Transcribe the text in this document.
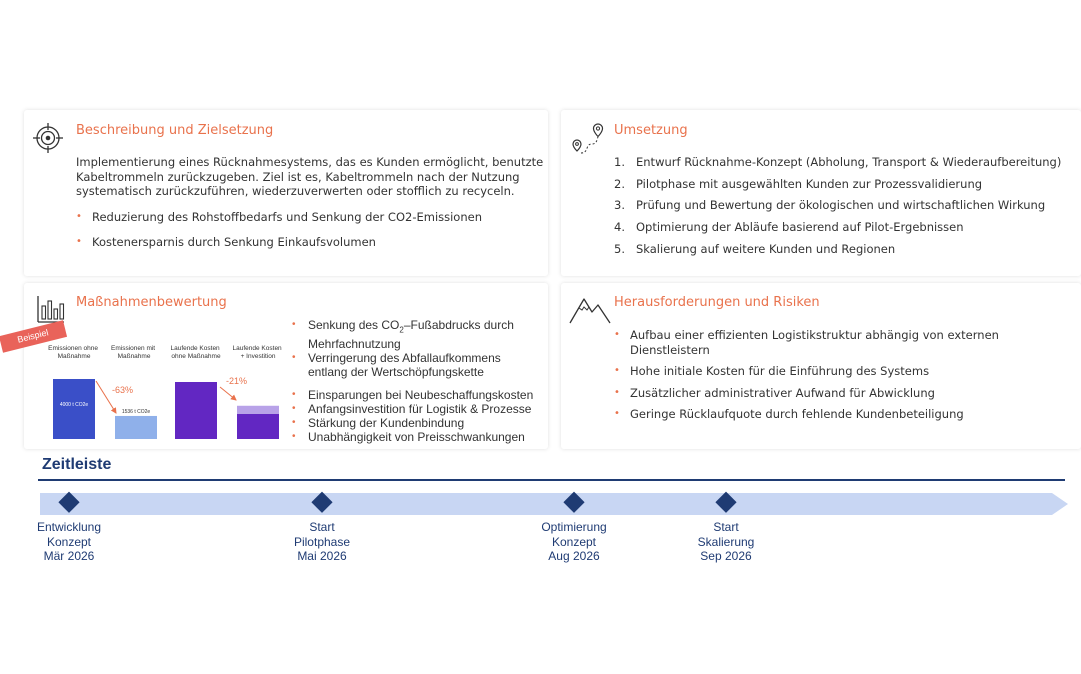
Beschreibung und Zielsetzung
Implementierung eines Rücknahmesystems, das es Kunden ermöglicht, benutzte Kabeltrommeln zurückzugeben. Ziel ist es, Kabeltrommeln nach der Nutzung systematisch zurückzuführen, wiederzuverwerten oder stofflich zu recyceln.
• Reduzierung des Rohstoffbedarfs und Senkung der CO2-Emissionen
• Kostenersparnis durch Senkung Einkaufsvolumen
Umsetzung
1. Entwurf Rücknahme-Konzept (Abholung, Transport & Wiederaufbereitung)
2. Pilotphase mit ausgewählten Kunden zur Prozessvalidierung
3. Prüfung und Bewertung der ökologischen und wirtschaftlichen Wirkung
4. Optimierung der Abläufe basierend auf Pilot-Ergebnissen
5. Skalierung auf weitere Kunden und Regionen
Maßnahmenbewertung
• Senkung des $CO_2$–Fußabdrucks durch Mehrfachnutzung
• Verringerung des Abfallaufkommens entlang der Wertschöpfungskette
• Einsparungen bei Neubeschaffungskosten
• Anfangsinvestition für Logistik & Prozesse
• Stärkung der Kundenbindung
• Unabhängigkeit von Preisschwankungen
Beispiel
Emissionen ohne Maßnahme
Emissionen mit Maßnahme
Laufende Kosten ohne Maßnahme
Laufende Kosten + Investition
4000 t CO2e
1536 t CO2e
-63%
-21%
Herausforderungen und Risiken
• Aufbau einer effizienten Logistikstruktur abhängig von externen Dienstleistern
• Hohe initiale Kosten für die Einführung des Systems
• Zusätzlicher administrativer Aufwand für Abwicklung
• Geringe Rücklaufquote durch fehlende Kundenbeteiligung
Zeitleiste
Entwicklung
Konzept
Mär 2026
Start
Pilotphase
Mai 2026
Optimierung
Konzept
Aug 2026
Start
Skalierung
Sep 2026
